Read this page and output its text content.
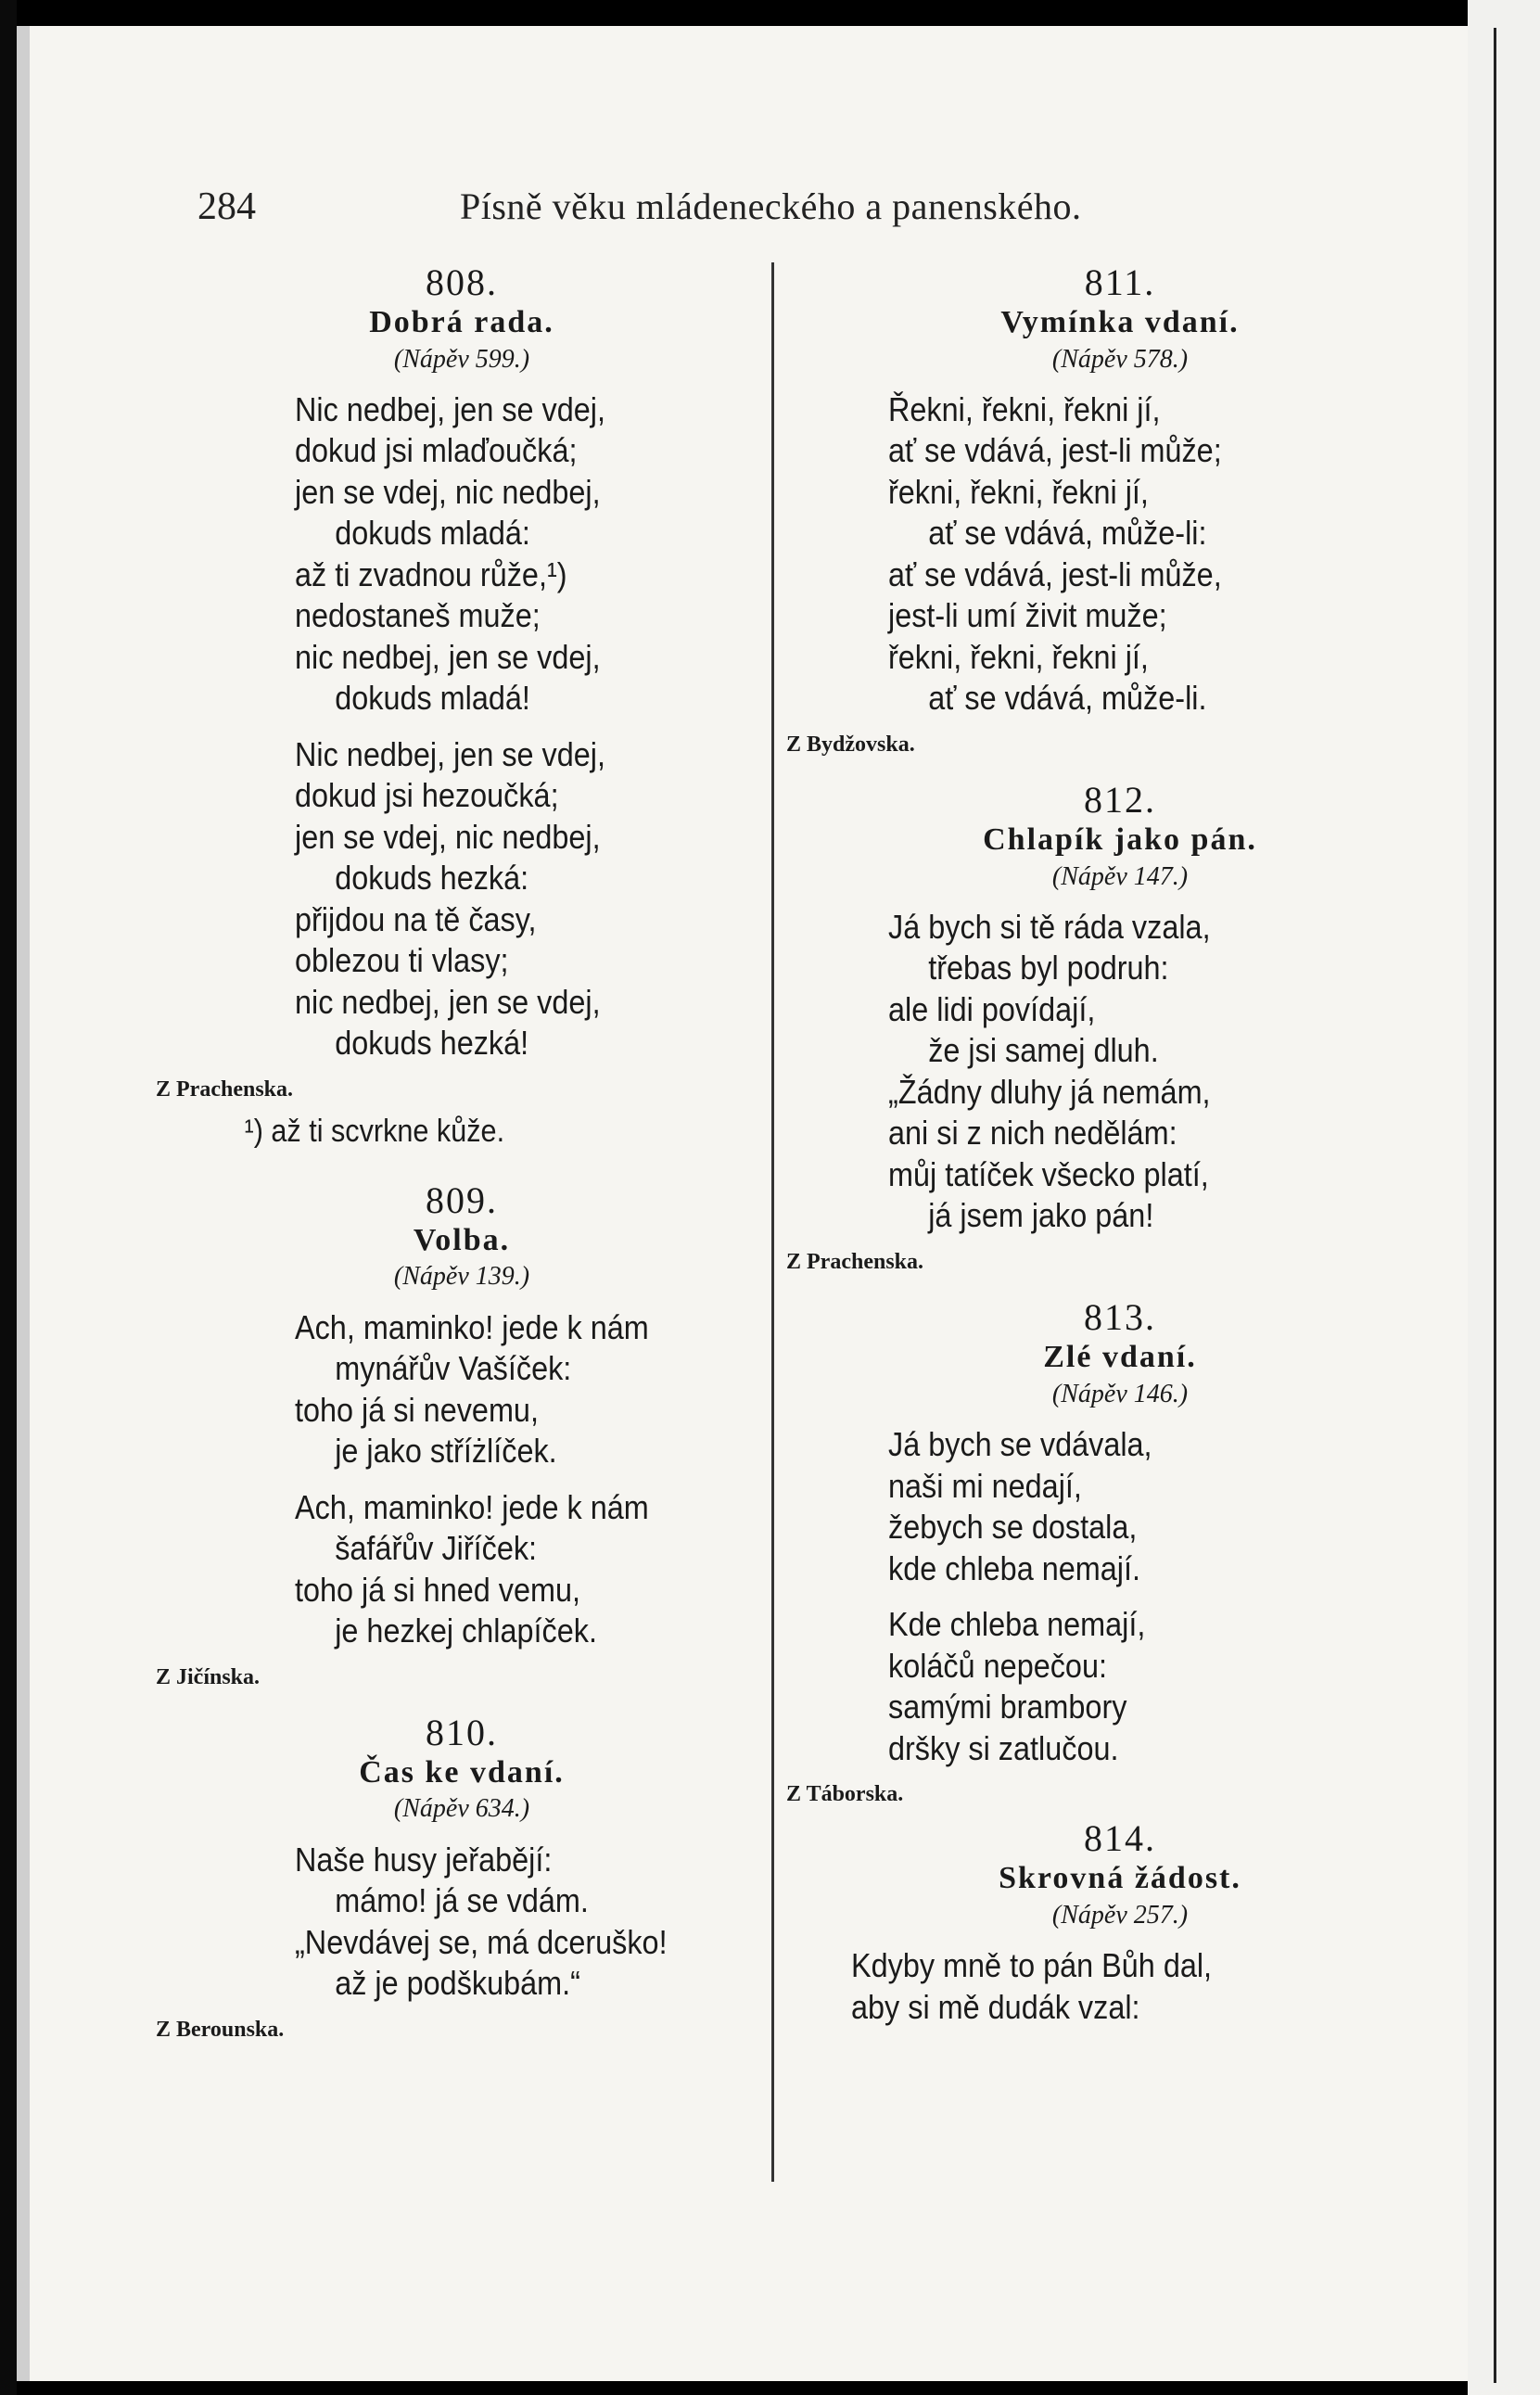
284	Písně věku mládeneckého a panenského.
808.
Dobrá rada.
(Nápěv 599.)
Nic nedbej, jen se vdej,
dokud jsi mlaďoučká;
jen se vdej, nic nedbej,
dokuds mladá:
až ti zvadnou růže,¹)
nedostaneš muže;
nic nedbej, jen se vdej,
dokuds mladá!
Nic nedbej, jen se vdej,
dokud jsi hezoučká;
jen se vdej, nic nedbej,
dokuds hezká:
přijdou na tě časy,
oblezou ti vlasy;
nic nedbej, jen se vdej,
dokuds hezká!
Z Prachenska.
¹) až ti scvrkne kůže.
809.
Volba.
(Nápěv 139.)
Ach, maminko! jede k nám
mynářův Vašíček:
toho já si nevemu,
je jako stříżlíček.
Ach, maminko! jede k nám
šafářův Jiříček:
toho já si hned vemu,
je hezkej chlapíček.
Z Jičínska.
810.
Čas ke vdaní.
(Nápěv 634.)
Naše husy jeřabějí:
mámo! já se vdám.
„Nevdávej se, má dceruško!
až je podškubám.“
Z Berounska.
811.
Vymínka vdaní.
(Nápěv 578.)
Řekni, řekni, řekni jí,
ať se vdává, jest-li může;
řekni, řekni, řekni jí,
ať se vdává, může-li:
ať se vdává, jest-li může,
jest-li umí živit muže;
řekni, řekni, řekni jí,
ať se vdává, může-li.
Z Bydžovska.
812.
Chlapík jako pán.
(Nápěv 147.)
Já bych si tě ráda vzala,
třebas byl podruh:
ale lidi povídají,
že jsi samej dluh.
„Žádny dluhy já nemám,
ani si z nich nedělám:
můj tatíček všecko platí,
já jsem jako pán!
Z Prachenska.
813.
Zlé vdaní.
(Nápěv 146.)
Já bych se vdávala,
naši mi nedají,
žebych se dostala,
kde chleba nemají.
Kde chleba nemají,
koláčů nepečou:
samými brambory
dršky si zatlučou.
Z Táborska.
814.
Skrovná žádost.
(Nápěv 257.)
Kdyby mně to pán Bůh dal,
aby si mě dudák vzal:
